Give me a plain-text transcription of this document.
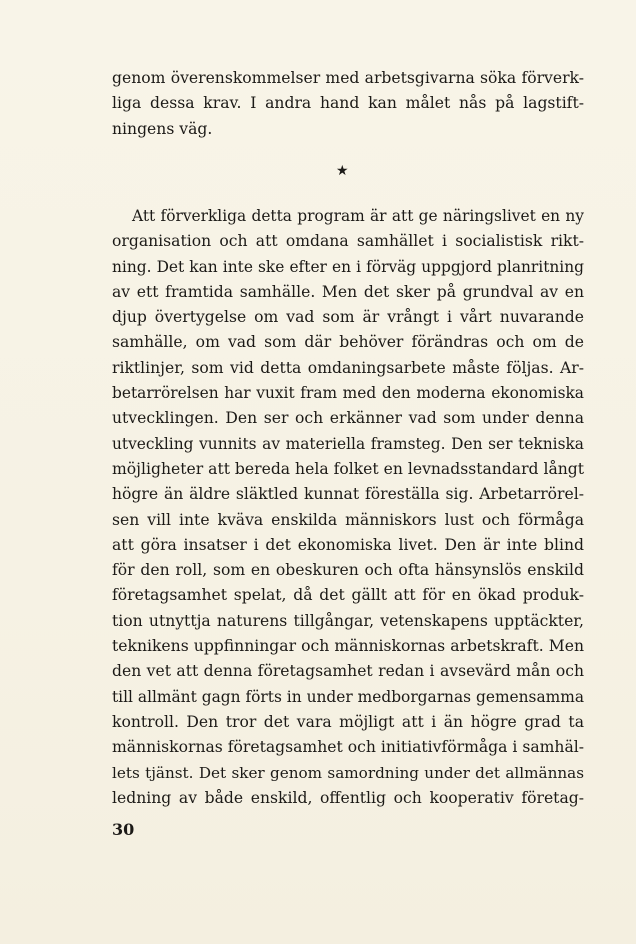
genom överenskommelser med arbetsgivarna söka förverk-
liga dessa krav. I andra hand kan målet nås på lagstift-
ningens väg.
★
Att förverkliga detta program är att ge näringslivet en ny
organisation och att omdana samhället i socialistisk rikt-
ning. Det kan inte ske efter en i förväg uppgjord planritning
av ett framtida samhälle. Men det sker på grundval av en
djup övertygelse om vad som är vrångt i vårt nuvarande
samhälle, om vad som där behöver förändras och om de
riktlinjer, som vid detta omdaningsarbete måste följas. Ar-
betarrörelsen har vuxit fram med den moderna ekonomiska
utvecklingen. Den ser och erkänner vad som under denna
utveckling vunnits av materiella framsteg. Den ser tekniska
möjligheter att bereda hela folket en levnadsstandard långt
högre än äldre släktled kunnat föreställa sig. Arbetarrörel-
sen vill inte kväva enskilda människors lust och förmåga
att göra insatser i det ekonomiska livet. Den är inte blind
för den roll, som en obeskuren och ofta hänsynslös enskild
företagsamhet spelat, då det gällt att för en ökad produk-
tion utnyttja naturens tillgångar, vetenskapens upptäckter,
teknikens uppfinningar och människornas arbetskraft. Men
den vet att denna företagsamhet redan i avsevärd mån och
till allmänt gagn förts in under medborgarnas gemensamma
kontroll. Den tror det vara möjligt att i än högre grad ta
människornas företagsamhet och initiativförmåga i samhäl-
lets tjänst. Det sker genom samordning under det allmännas
ledning av både enskild, offentlig och kooperativ företag-
30
